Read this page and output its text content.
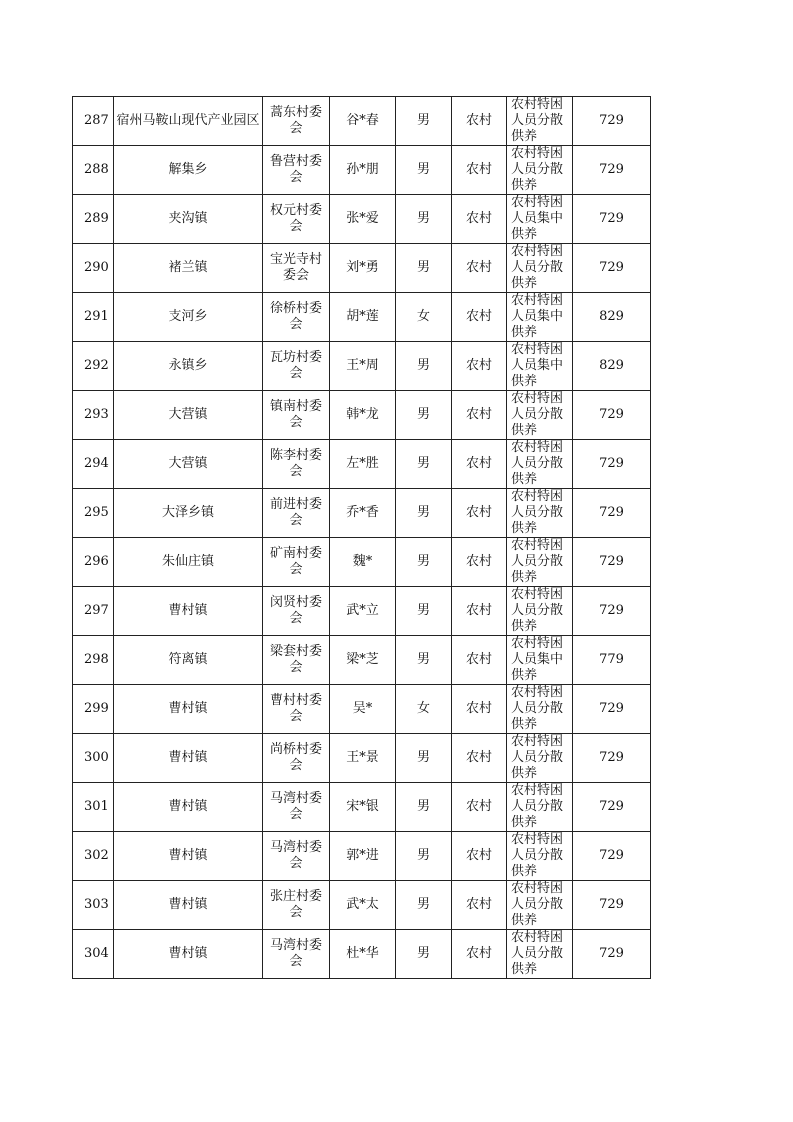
287	宿州马鞍山现代产业园区	蒿东村委会	谷*春	男	农村	农村特困人员分散供养	729

288	解集乡	鲁营村委会	孙*朋	男	农村	农村特困人员分散供养	729

289	夹沟镇	权元村委会	张*爱	男	农村	农村特困人员集中供养	729

290	褚兰镇	宝光寺村委会	刘*勇	男	农村	农村特困人员分散供养	729

291	支河乡	徐桥村委会	胡*莲	女	农村	农村特困人员集中供养	829

292	永镇乡	瓦坊村委会	王*周	男	农村	农村特困人员集中供养	829

293	大营镇	镇南村委会	韩*龙	男	农村	农村特困人员分散供养	729

294	大营镇	陈李村委会	左*胜	男	农村	农村特困人员分散供养	729

295	大泽乡镇	前进村委会	乔*香	男	农村	农村特困人员分散供养	729

296	朱仙庄镇	矿南村委会	魏*	男	农村	农村特困人员分散供养	729

297	曹村镇	闵贤村委会	武*立	男	农村	农村特困人员分散供养	729

298	符离镇	梁套村委会	梁*芝	男	农村	农村特困人员集中供养	779

299	曹村镇	曹村村委会	吴*	女	农村	农村特困人员分散供养	729

300	曹村镇	尚桥村委会	王*景	男	农村	农村特困人员分散供养	729

301	曹村镇	马湾村委会	宋*银	男	农村	农村特困人员分散供养	729

302	曹村镇	马湾村委会	郭*进	男	农村	农村特困人员分散供养	729

303	曹村镇	张庄村委会	武*太	男	农村	农村特困人员分散供养	729

304	曹村镇	马湾村委会	杜*华	男	农村	农村特困人员分散供养	729
